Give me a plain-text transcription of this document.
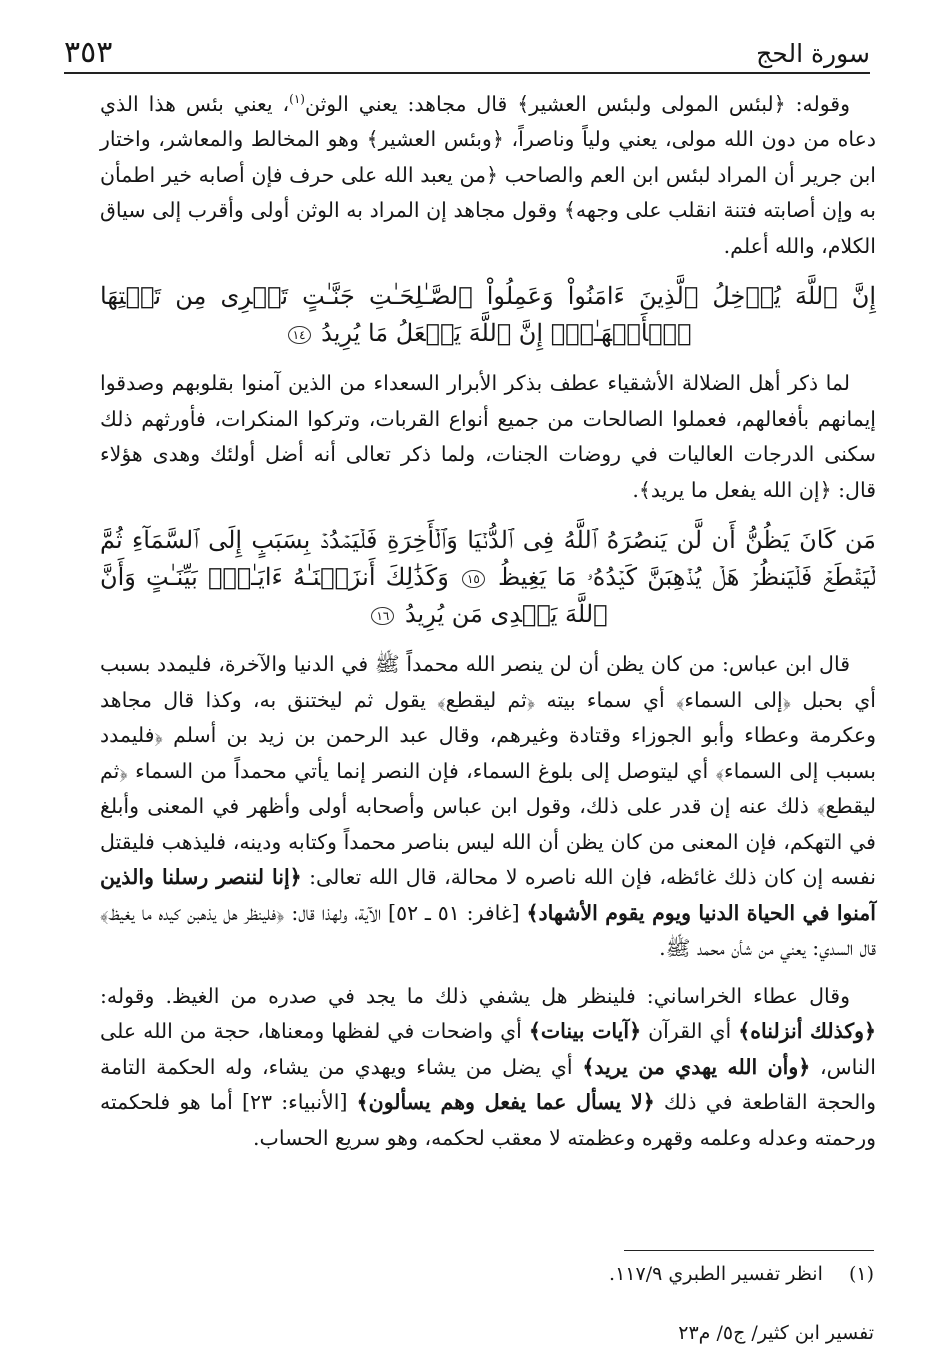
سورة الحج
٣٥٣

وقوله: ﴿لبئس المولى ولبئس العشير﴾ قال مجاهد: يعني الوثن$^{(١)}$، يعني بئس هذا الذي دعاه من دون الله مولى، يعني ولياً وناصراً، ﴿وبئس العشير﴾ وهو المخالط والمعاشر، واختار ابن جرير أن المراد لبئس ابن العم والصاحب ﴿من يعبد الله على حرف فإن أصابه خير اطمأن به وإن أصابته فتنة انقلب على وجهه﴾ وقول مجاهد إن المراد به الوثن أولى وأقرب إلى سياق الكلام، والله أعلم.

إِنَّ ٱللَّهَ يُدۡخِلُ ٱلَّذِينَ ءَامَنُواْ وَعَمِلُواْ ٱلصَّـٰلِحَـٰتِ جَنَّـٰتٍ تَجۡرِى مِن تَحۡتِهَا ٱلۡأَنۡهَـٰرُۚ إِنَّ ٱللَّهَ يَفۡعَلُ مَا يُرِيدُ ١٤

لما ذكر أهل الضلالة الأشقياء عطف بذكر الأبرار السعداء من الذين آمنوا بقلوبهم وصدقوا إيمانهم بأفعالهم، فعملوا الصالحات من جميع أنواع القربات، وتركوا المنكرات، فأورثهم ذلك سكنى الدرجات العاليات في روضات الجنات، ولما ذكر تعالى أنه أضل أولئك وهدى هؤلاء قال: ﴿إن الله يفعل ما يريد﴾.

مَن كَانَ يَظُنُّ أَن لَّن يَنصُرَهُ ٱللَّهُ فِى ٱلدُّنۡيَا وَٱلۡأَخِرَةِ فَلۡيَمۡدُدۡ بِسَبَبٍ إِلَى ٱلسَّمَآءِ ثُمَّ لۡيَقۡطَعۡ فَلۡيَنظُرۡ هَلۡ يُذۡهِبَنَّ كَيۡدُهُۥ مَا يَغِيظُ ١٥ وَكَذَٰلِكَ أَنزَلۡنَـٰهُ ءَايَـٰتِۭ بَيِّنَـٰتٍ وَأَنَّ ٱللَّهَ يَهۡدِى مَن يُرِيدُ ١٦

قال ابن عباس: من كان يظن أن لن ينصر الله محمداً ﷺ في الدنيا والآخرة، فليمدد بسبب أي بحبل ﴿إلى السماء﴾ أي سماء بيته ﴿ثم ليقطع﴾ يقول ثم ليختنق به، وكذا قال مجاهد وعكرمة وعطاء وأبو الجوزاء وقتادة وغيرهم، وقال عبد الرحمن بن زيد بن أسلم ﴿فليمدد بسبب إلى السماء﴾ أي ليتوصل إلى بلوغ السماء، فإن النصر إنما يأتي محمداً من السماء ﴿ثم ليقطع﴾ ذلك عنه إن قدر على ذلك، وقول ابن عباس وأصحابه أولى وأظهر في المعنى وأبلغ في التهكم، فإن المعنى من كان يظن أن الله ليس بناصر محمداً وكتابه ودينه، فليذهب فليقتل نفسه إن كان ذلك غائظه، فإن الله ناصره لا محالة، قال الله تعالى: ﴿إنا لننصر رسلنا والذين آمنوا في الحياة الدنيا ويوم يقوم الأشهاد﴾ [غافر: ٥١ ـ ٥٢] الآية، ولهذا قال: ﴿فلينظر هل يذهبن كيده ما يغيظ﴾ قال السدي: يعني من شأن محمد ﷺ.

وقال عطاء الخراساني: فلينظر هل يشفي ذلك ما يجد في صدره من الغيظ. وقوله: ﴿وكذلك أنزلناه﴾ أي القرآن ﴿آيات بينات﴾ أي واضحات في لفظها ومعناها، حجة من الله على الناس، ﴿وأن الله يهدي من يريد﴾ أي يضل من يشاء ويهدي من يشاء، وله الحكمة التامة والحجة القاطعة في ذلك ﴿لا يسأل عما يفعل وهم يسألون﴾ [الأنبياء: ٢٣] أما هو فلحكمته ورحمته وعدله وعلمه وقهره وعظمته لا معقب لحكمه، وهو سريع الحساب.

(١) انظر تفسير الطبري ١١٧/٩.
تفسير ابن كثير/ ج٥/ م٢٣
